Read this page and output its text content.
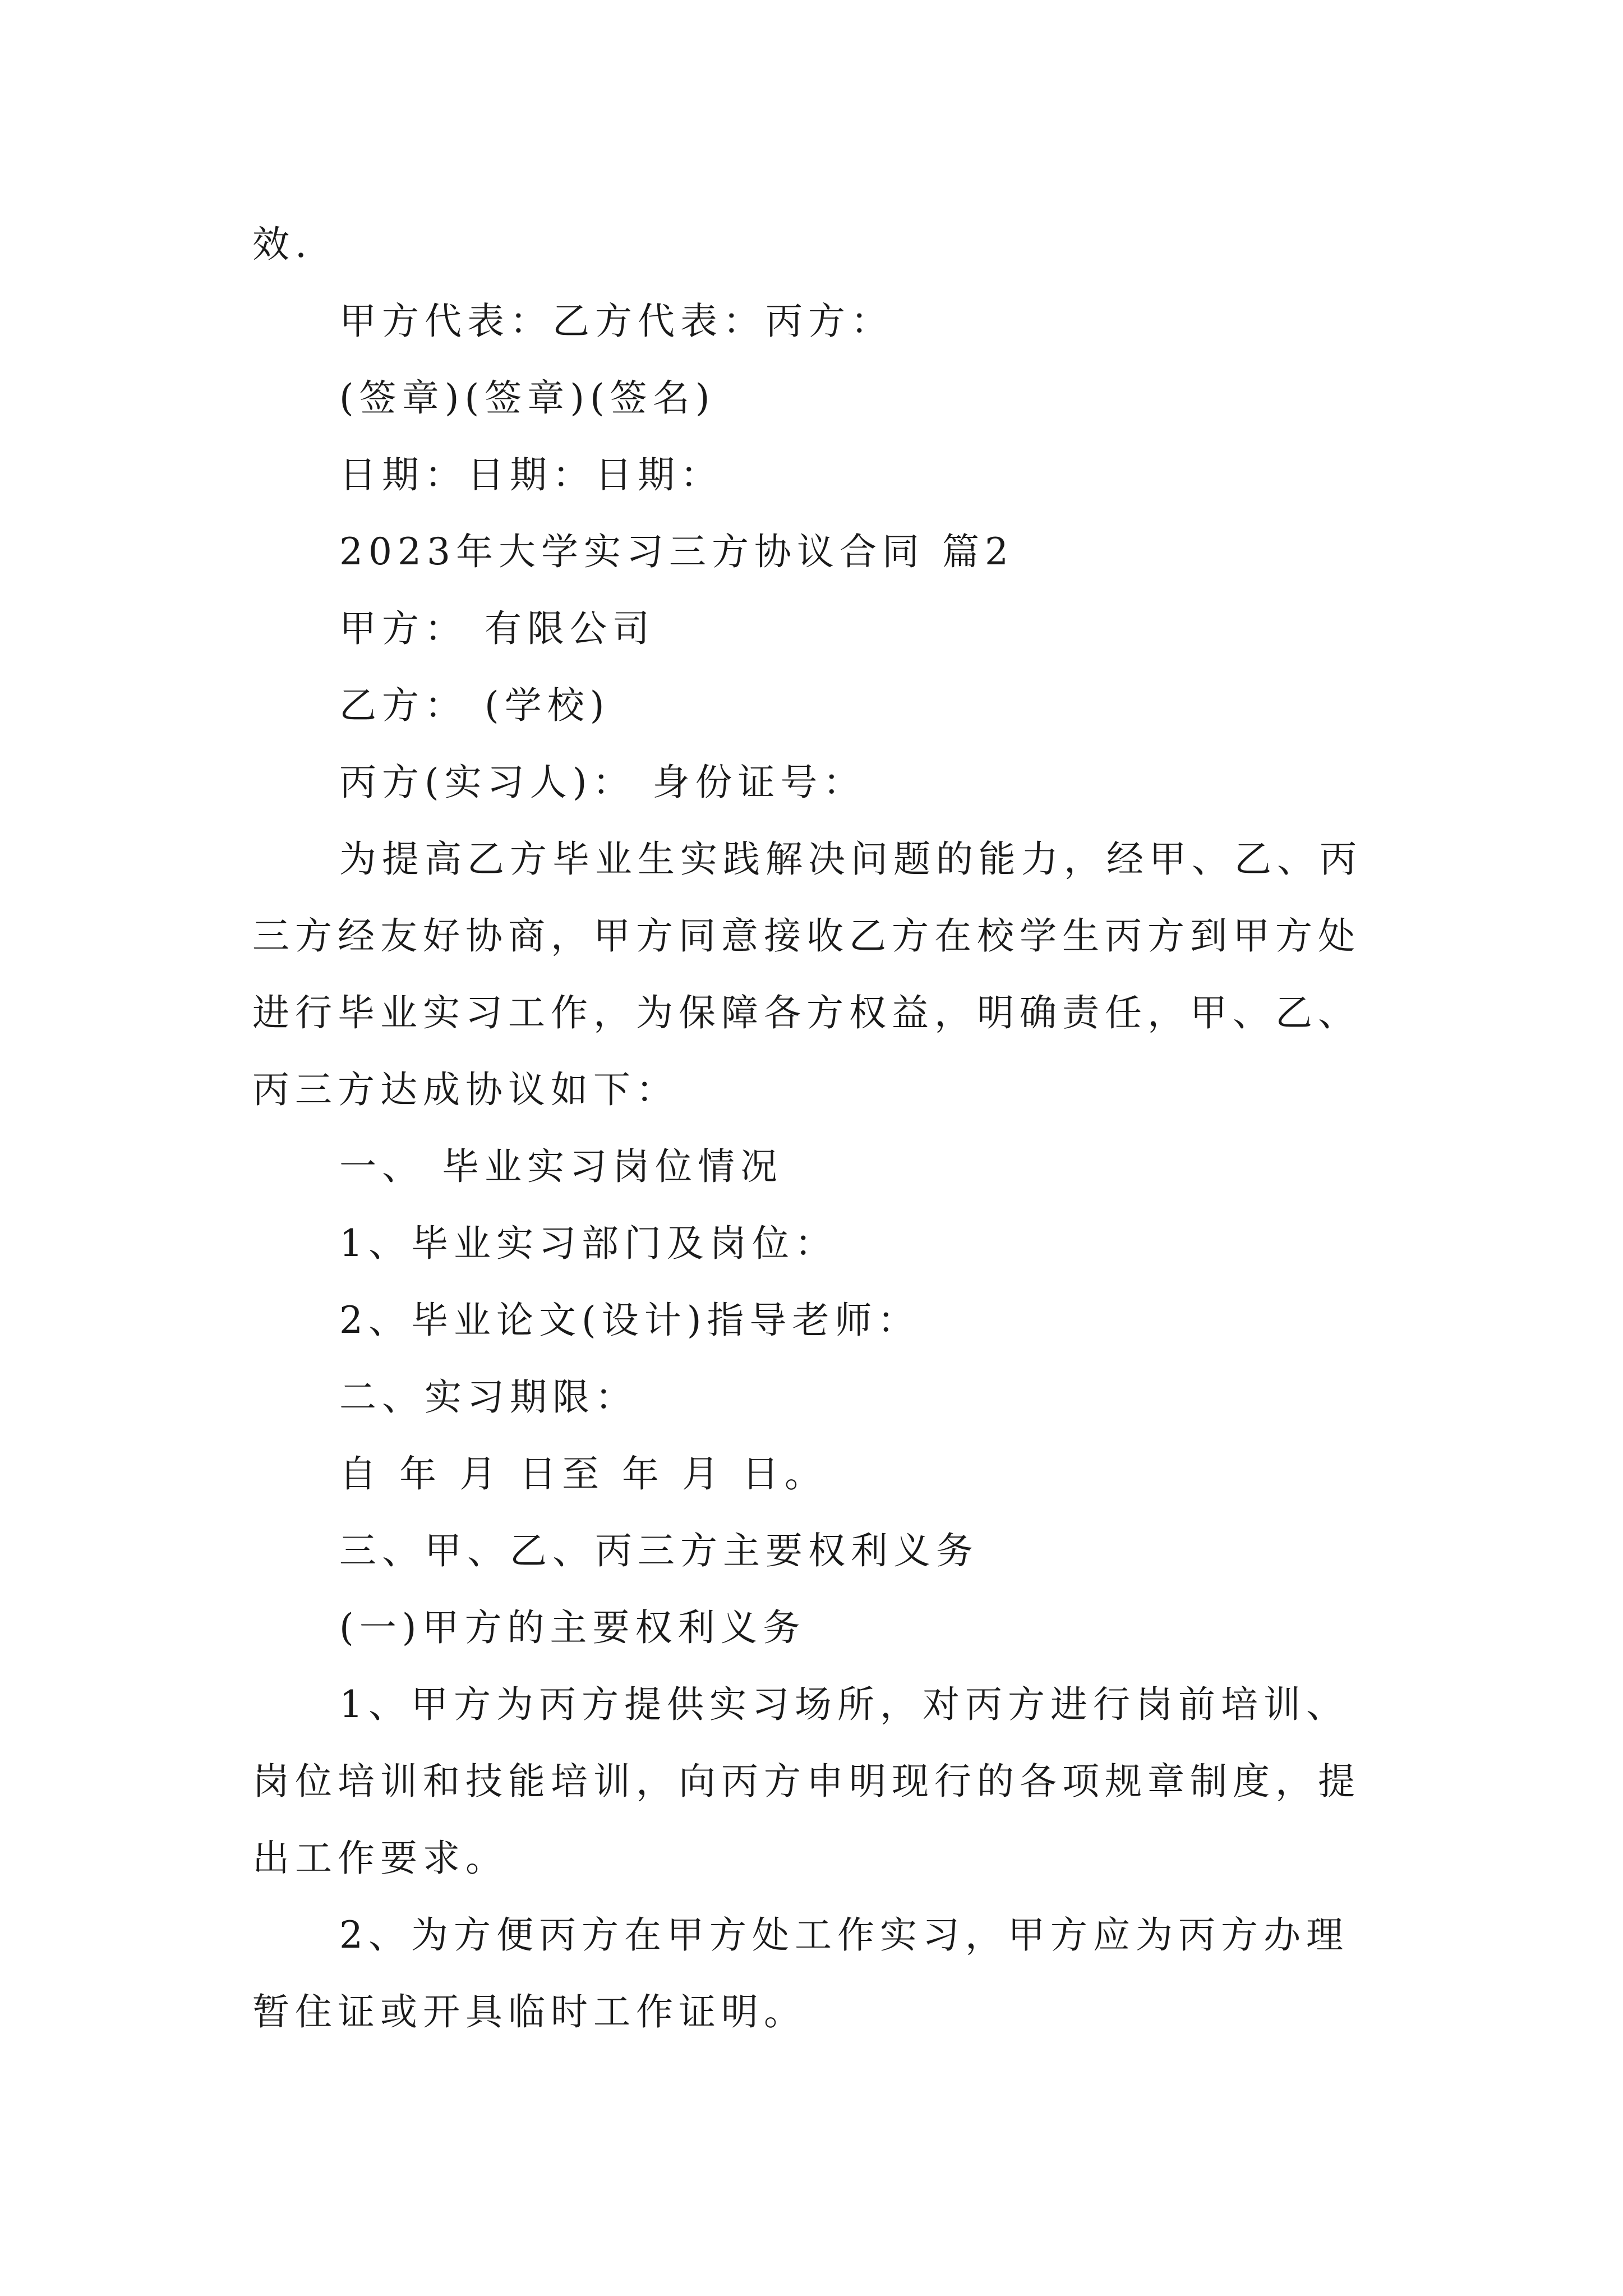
效.
甲方代表：乙方代表：丙方：
(签章)(签章)(签名)
日期：日期：日期：
2023年大学实习三方协议合同 篇2
甲方： 有限公司
乙方： (学校)
丙方(实习人)： 身份证号：
为提高乙方毕业生实践解决问题的能力，经甲、乙、丙
三方经友好协商，甲方同意接收乙方在校学生丙方到甲方处
进行毕业实习工作，为保障各方权益，明确责任，甲、乙、
丙三方达成协议如下：
一、 毕业实习岗位情况
1、毕业实习部门及岗位：
2、毕业论文(设计)指导老师：
二、实习期限：
自 年 月 日至 年 月 日。
三、甲、乙、丙三方主要权利义务
(一)甲方的主要权利义务
1、甲方为丙方提供实习场所，对丙方进行岗前培训、
岗位培训和技能培训，向丙方申明现行的各项规章制度，提
出工作要求。
2、为方便丙方在甲方处工作实习，甲方应为丙方办理
暂住证或开具临时工作证明。
